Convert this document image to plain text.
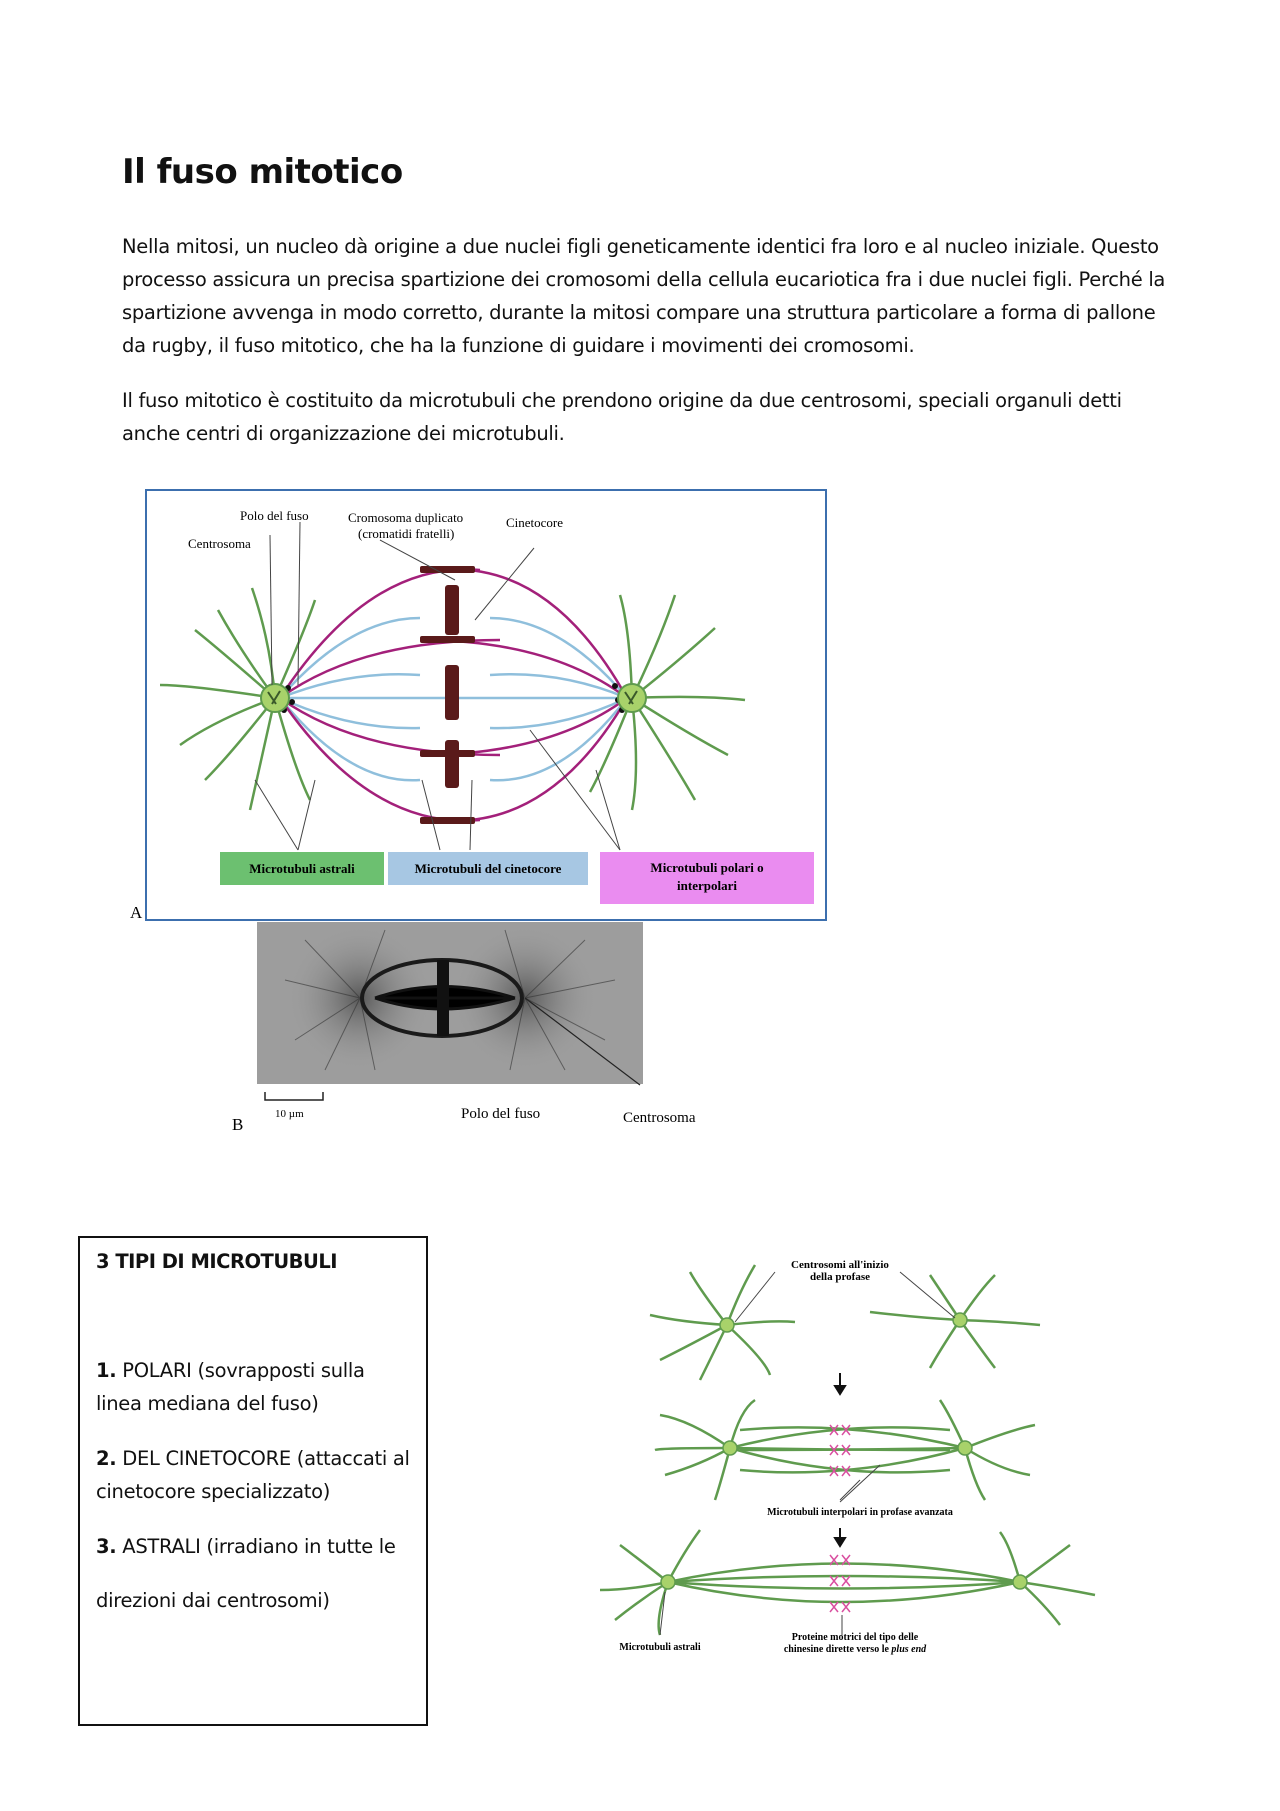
Il fuso mitotico

Nella mitosi, un nucleo dà origine a due nuclei figli geneticamente identici fra loro e al nucleo iniziale. Questo processo assicura un precisa spartizione dei cromosomi della cellula eucariotica fra i due nuclei figli. Perché la spartizione avvenga in modo corretto, durante la mitosi compare una struttura particolare a forma di pallone da rugby, il fuso mitotico, che ha la funzione di guidare i movimenti dei cromosomi.

Il fuso mitotico è costituito da microtubuli che prendono origine da due centrosomi, speciali organuli detti anche centri di organizzazione dei microtubuli.

Polo del fuso
Centrosoma
Cromosoma duplicato
(cromatidi fratelli)
Cinetocore
Microtubuli astrali	Microtubuli del cinetocore	Microtubuli polari o
interpolari
A
10 µm	Polo del fuso	Centrosoma
B

3 TIPI DI MICROTUBULI

1. POLARI (sovrapposti sulla linea mediana del fuso)

2. DEL CINETOCORE (attaccati al cinetocore specializzato)

3. ASTRALI (irradiano in tutte le

direzioni dai centrosomi)

Centrosomi all'inizio
della profase
Microtubuli interpolari in profase avanzata
Microtubuli astrali
Proteine motrici del tipo delle
chinesine dirette verso le plus end
